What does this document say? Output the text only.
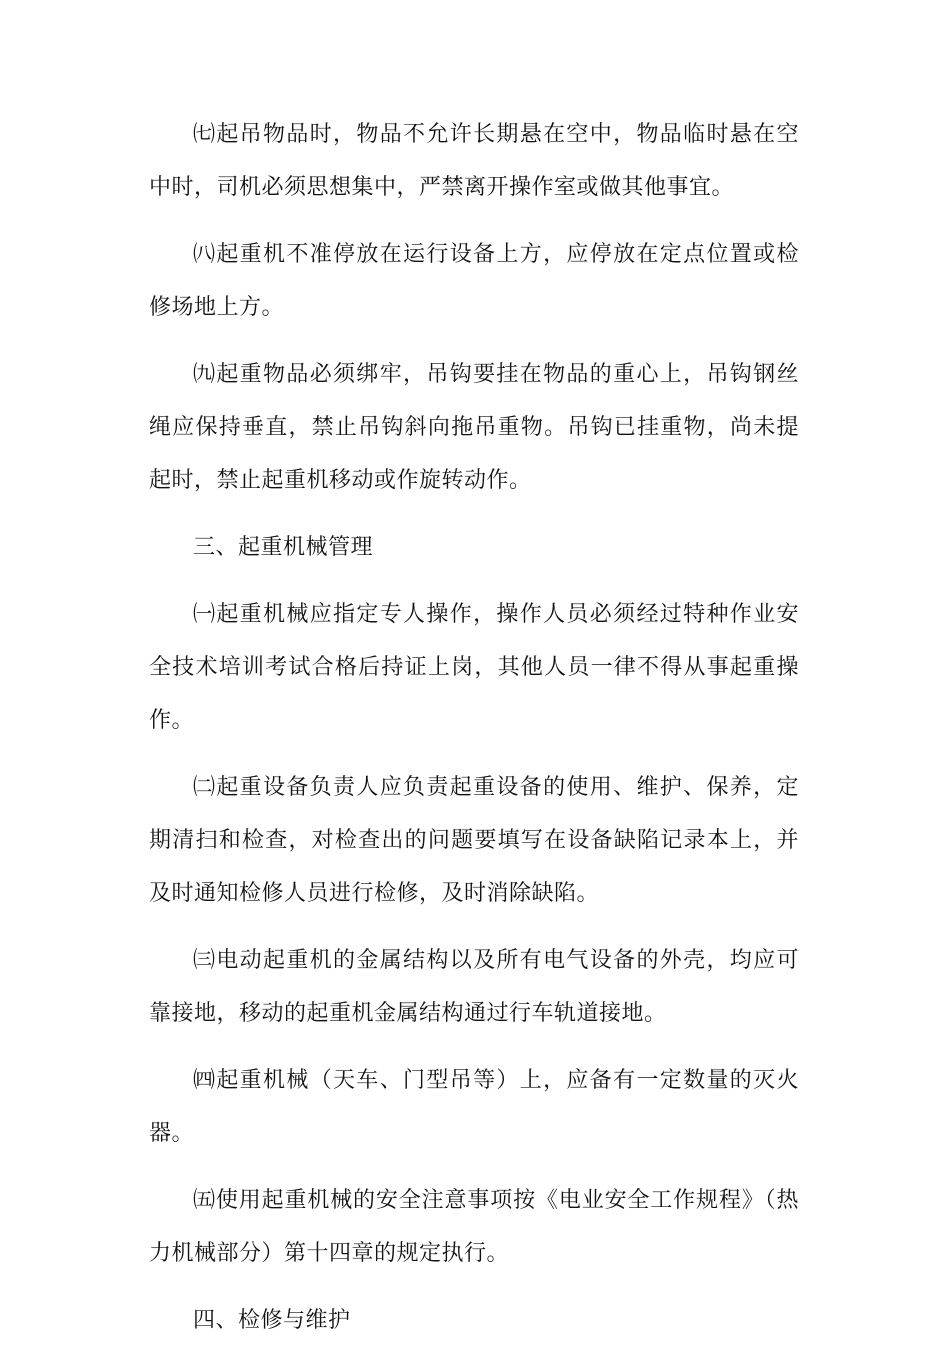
㈦起吊物品时，物品不允许长期悬在空中，物品临时悬在空中时，司机必须思想集中，严禁离开操作室或做其他事宜。

㈧起重机不准停放在运行设备上方，应停放在定点位置或检修场地上方。

㈨起重物品必须绑牢，吊钩要挂在物品的重心上，吊钩钢丝绳应保持垂直，禁止吊钩斜向拖吊重物。吊钩已挂重物，尚未提起时，禁止起重机移动或作旋转动作。

三、起重机械管理

㈠起重机械应指定专人操作，操作人员必须经过特种作业安全技术培训考试合格后持证上岗，其他人员一律不得从事起重操作。

㈡起重设备负责人应负责起重设备的使用、维护、保养，定期清扫和检查，对检查出的问题要填写在设备缺陷记录本上，并及时通知检修人员进行检修，及时消除缺陷。

㈢电动起重机的金属结构以及所有电气设备的外壳，均应可靠接地，移动的起重机金属结构通过行车轨道接地。

㈣起重机械（天车、门型吊等）上，应备有一定数量的灭火器。

㈤使用起重机械的安全注意事项按《电业安全工作规程》（热力机械部分）第十四章的规定执行。

四、检修与维护
